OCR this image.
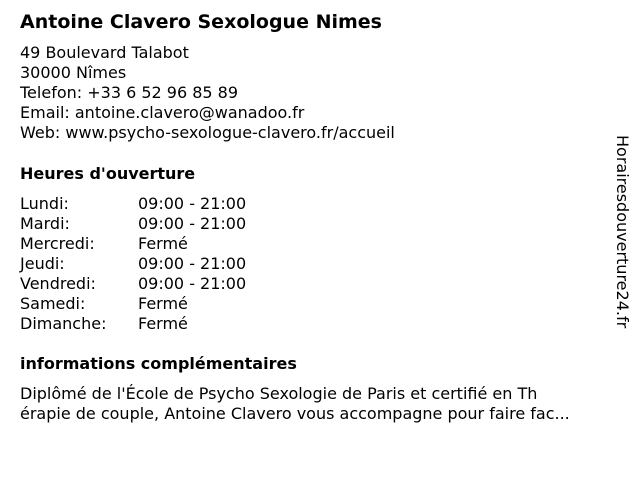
Antoine Clavero Sexologue Nimes
49 Boulevard Talabot
30000 Nîmes
Telefon: +33 6 52 96 85 89
Email: antoine.clavero@wanadoo.fr
Web: www.psycho-sexologue-clavero.fr/accueil
Heures d'ouverture
Lundi:	09:00 - 21:00
Mardi:	09:00 - 21:00
Mercredi:	Fermé
Jeudi:	09:00 - 21:00
Vendredi:	09:00 - 21:00
Samedi:	Fermé
Dimanche:	Fermé
informations complémentaires
Diplômé de l'École de Psycho Sexologie de Paris et certifié en Th
érapie de couple, Antoine Clavero vous accompagne pour faire fac...
Horairesdouverture24.fr
